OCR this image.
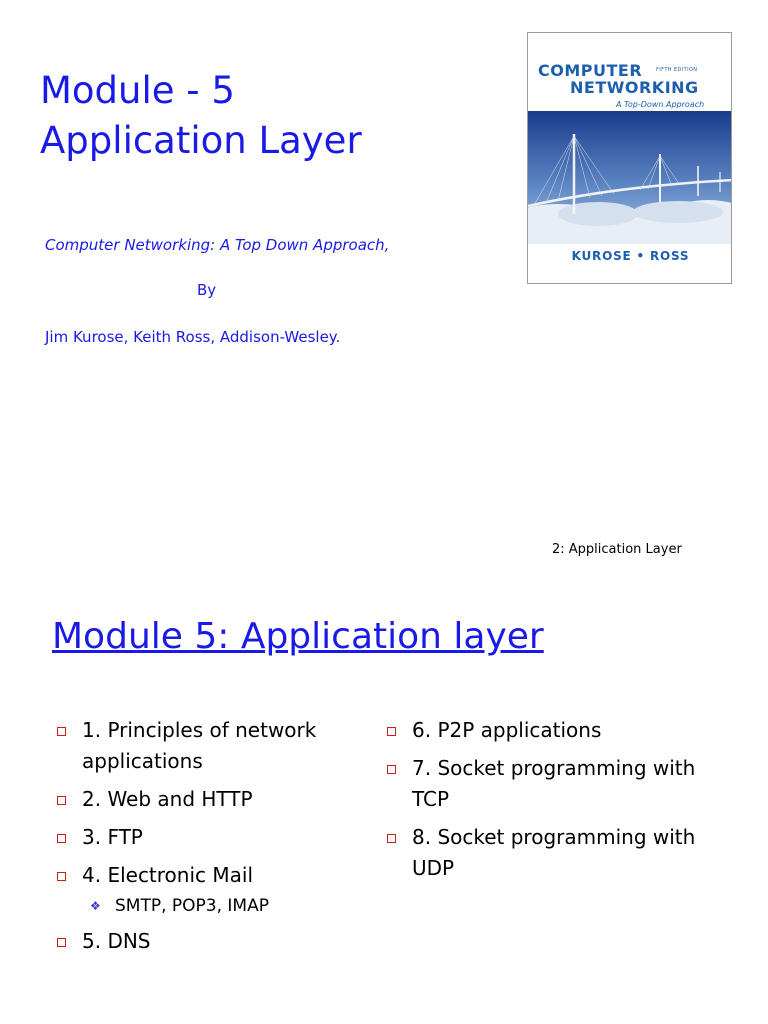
Module - 5
Application Layer

Computer Networking: A Top Down Approach,

By

Jim Kurose, Keith Ross, Addison-Wesley.

COMPUTER	FIFTH EDITION
NETWORKING
A Top-Down Approach
KUROSE • ROSS

2: Application Layer

Module 5: Application layer
1. Principles of network applications
2. Web and HTTP
3. FTP
4. Electronic Mail
❖ SMTP, POP3, IMAP
5. DNS
6. P2P applications
7. Socket programming with TCP
8. Socket programming with UDP
